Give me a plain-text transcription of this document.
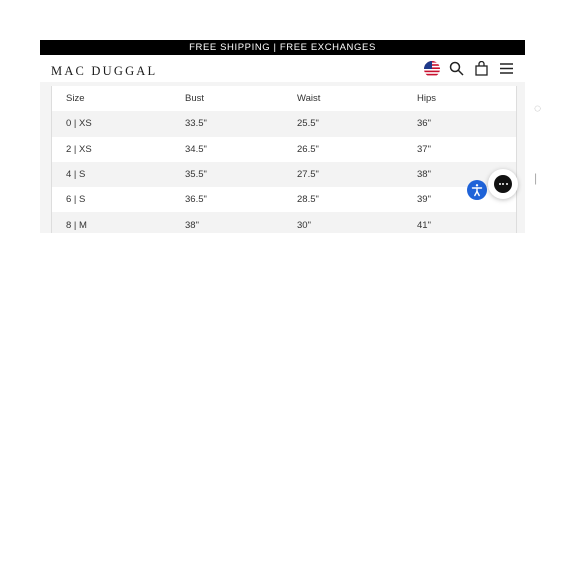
FREE SHIPPING | FREE EXCHANGES
MAC DUGGAL
Size	Bust	Waist	Hips
0 | XS	33.5"	25.5"	36"
2 | XS	34.5"	26.5"	37"
4 | S	35.5"	27.5"	38"
6 | S	36.5"	28.5"	39"
8 | M	38"	30"	41"
◌
|
